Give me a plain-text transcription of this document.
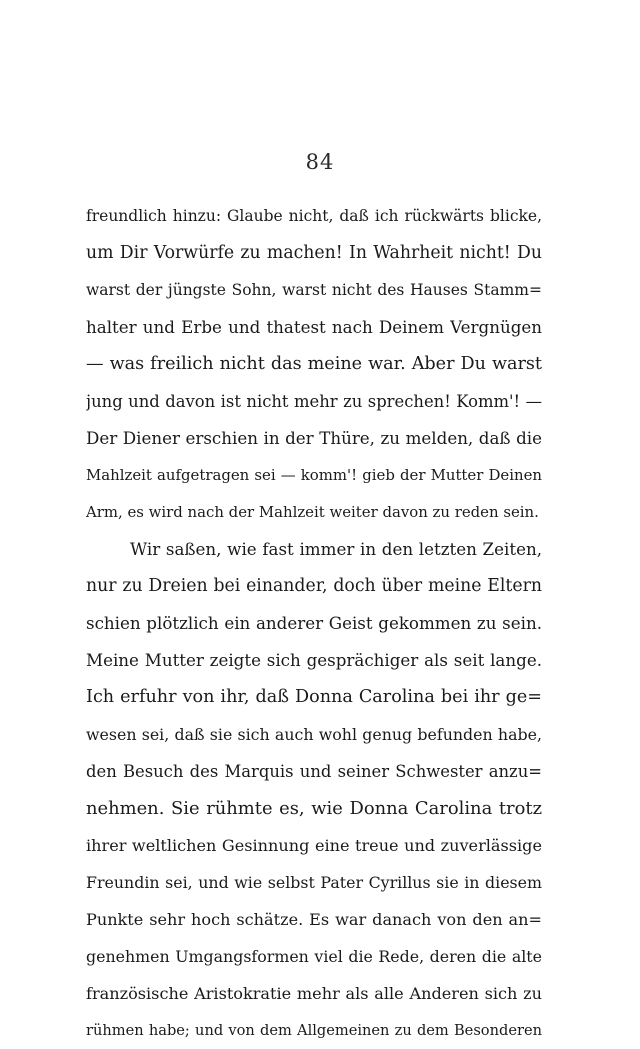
84
freundlich hinzu: Glaube nicht, daß ich rückwärts blicke,
um Dir Vorwürfe zu machen! In Wahrheit nicht! Du
warst der jüngste Sohn, warst nicht des Hauses Stamm=
halter und Erbe und thatest nach Deinem Vergnügen
— was freilich nicht das meine war. Aber Du warst
jung und davon ist nicht mehr zu sprechen! Komm'! —
Der Diener erschien in der Thüre, zu melden, daß die
Mahlzeit aufgetragen sei — komm'! gieb der Mutter Deinen
Arm, es wird nach der Mahlzeit weiter davon zu reden sein.
Wir saßen, wie fast immer in den letzten Zeiten,
nur zu Dreien bei einander, doch über meine Eltern
schien plötzlich ein anderer Geist gekommen zu sein.
Meine Mutter zeigte sich gesprächiger als seit lange.
Ich erfuhr von ihr, daß Donna Carolina bei ihr ge=
wesen sei, daß sie sich auch wohl genug befunden habe,
den Besuch des Marquis und seiner Schwester anzu=
nehmen. Sie rühmte es, wie Donna Carolina trotz
ihrer weltlichen Gesinnung eine treue und zuverlässige
Freundin sei, und wie selbst Pater Cyrillus sie in diesem
Punkte sehr hoch schätze. Es war danach von den an=
genehmen Umgangsformen viel die Rede, deren die alte
französische Aristokratie mehr als alle Anderen sich zu
rühmen habe; und von dem Allgemeinen zu dem Besonderen
